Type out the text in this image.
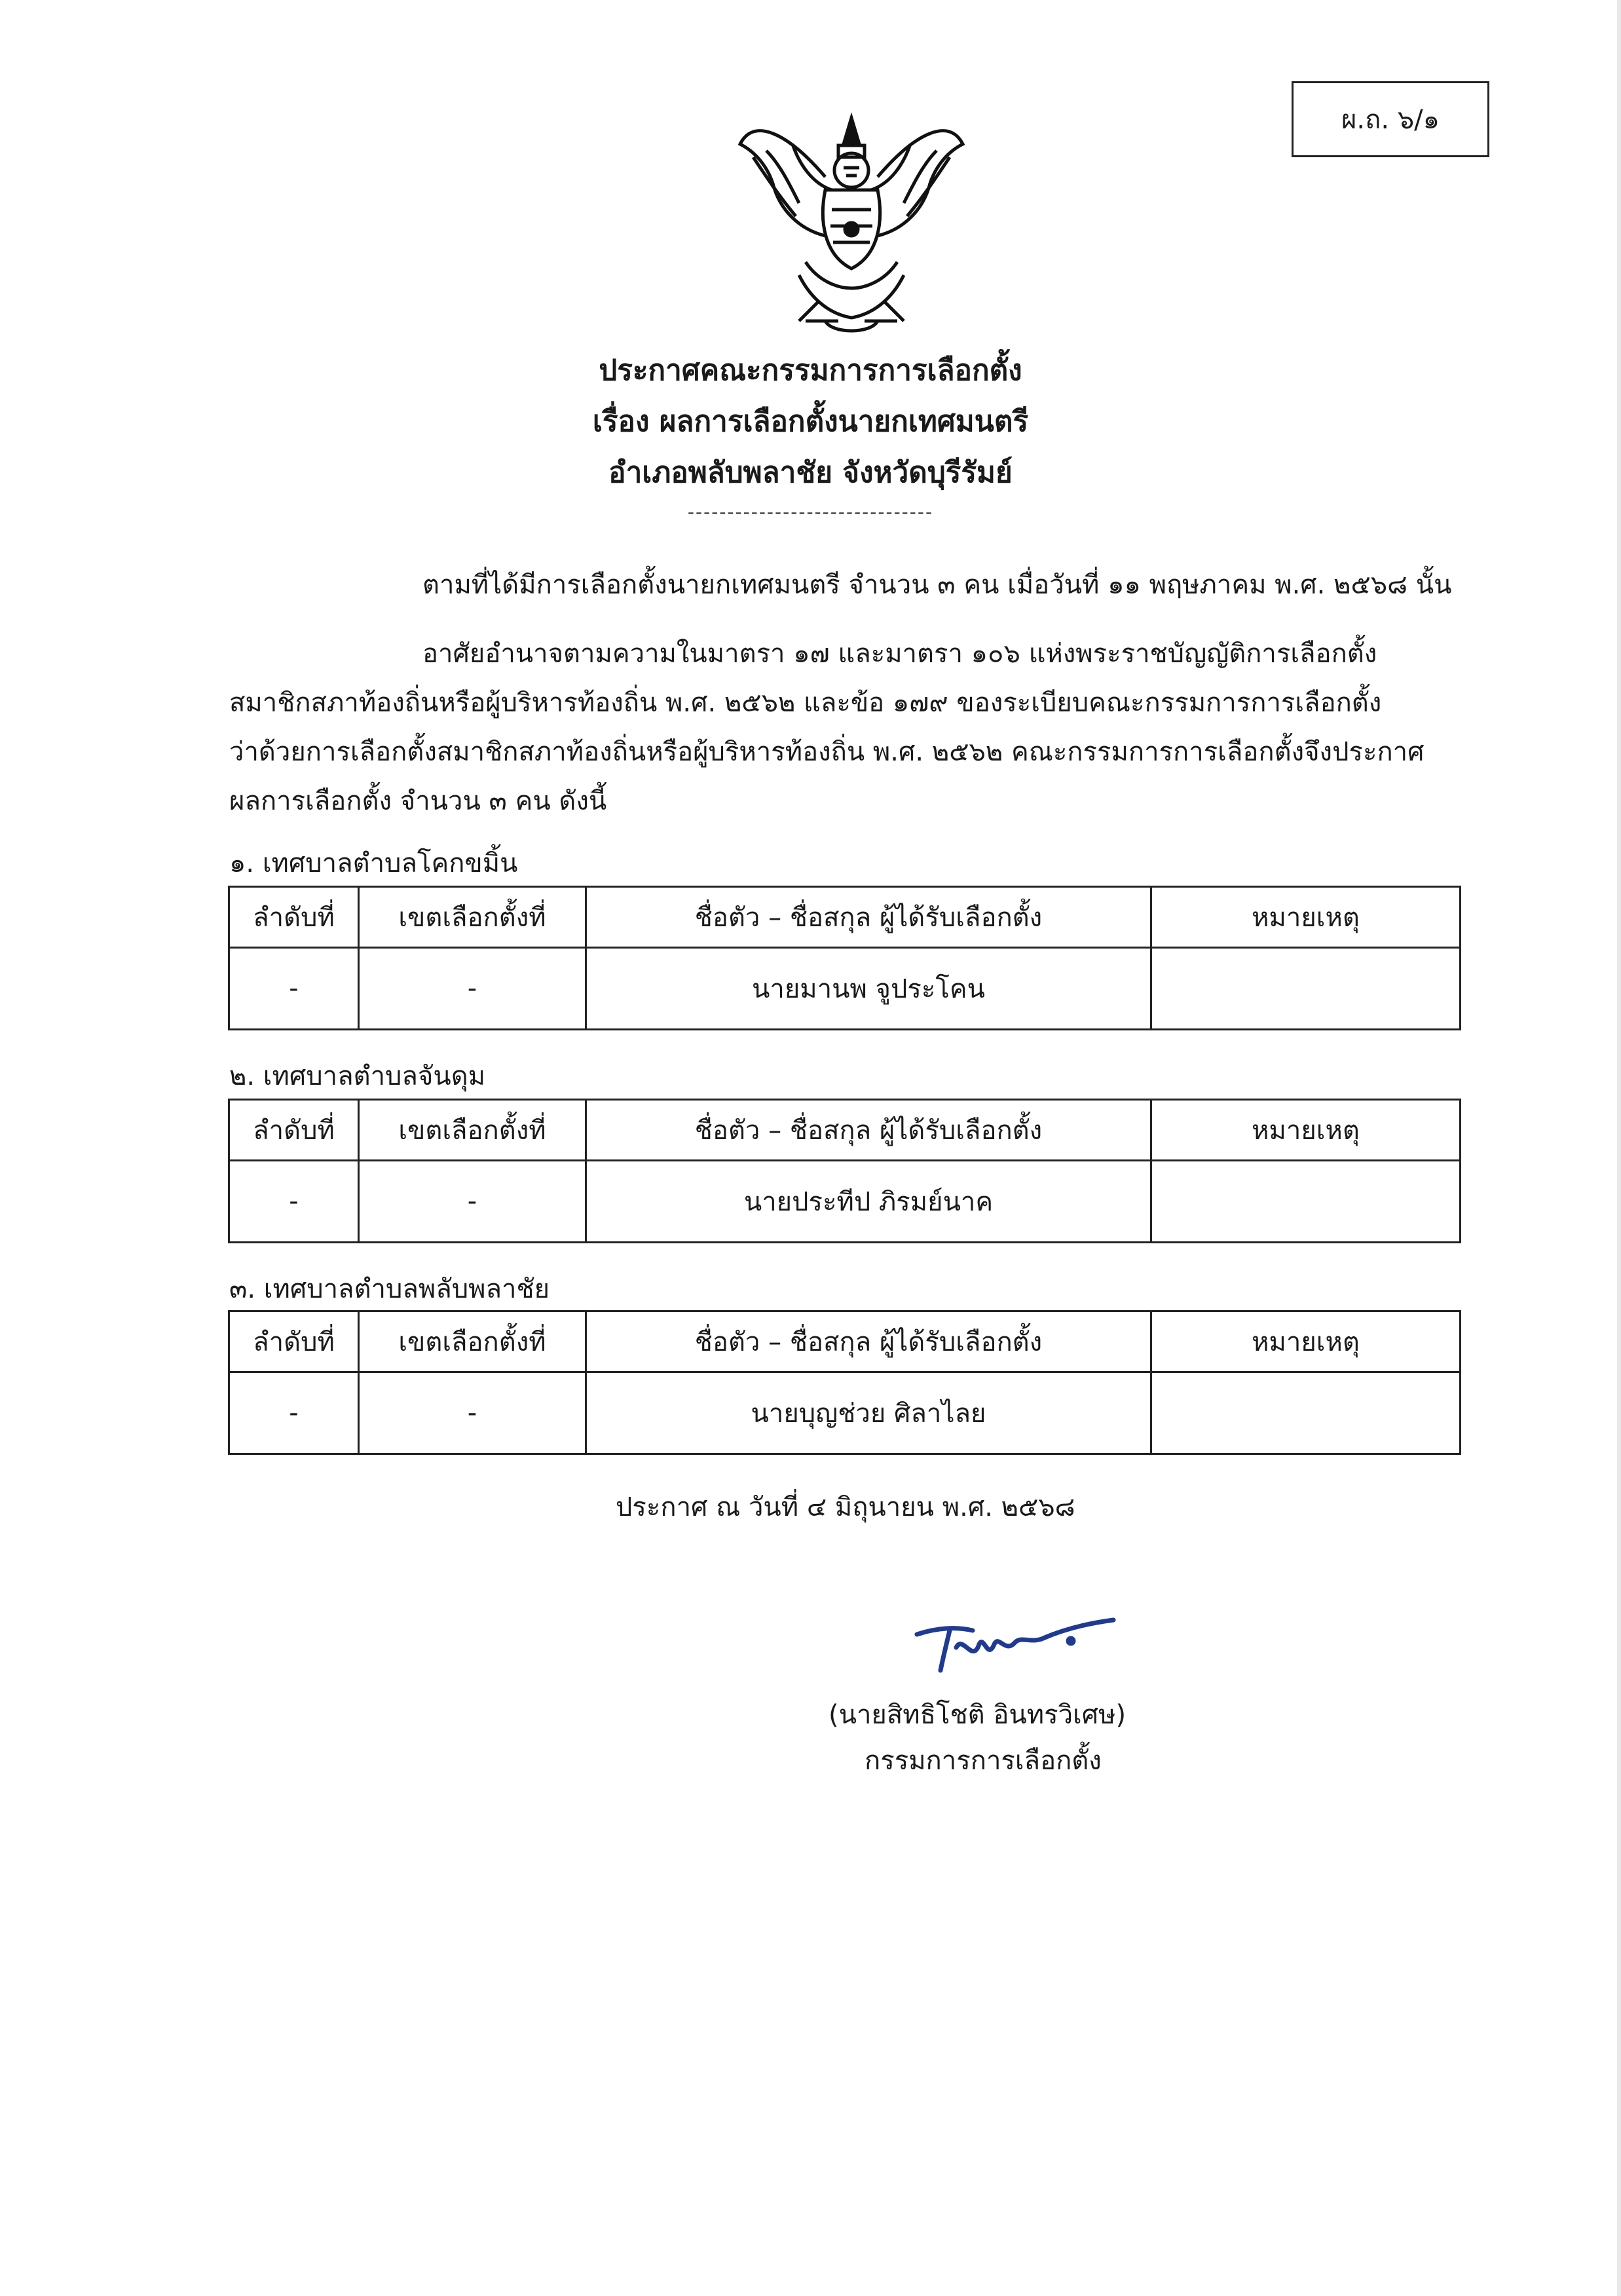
ผ.ถ. ๖/๑
ประกาศคณะกรรมการการเลือกตั้ง
เรื่อง ผลการเลือกตั้งนายกเทศมนตรี
อำเภอพลับพลาชัย จังหวัดบุรีรัมย์
-------------------------------
ตามที่ได้มีการเลือกตั้งนายกเทศมนตรี จำนวน ๓ คน เมื่อวันที่ ๑๑ พฤษภาคม พ.ศ. ๒๕๖๘ นั้น
อาศัยอำนาจตามความในมาตรา ๑๗ และมาตรา ๑๐๖ แห่งพระราชบัญญัติการเลือกตั้ง
สมาชิกสภาท้องถิ่นหรือผู้บริหารท้องถิ่น พ.ศ. ๒๕๖๒ และข้อ ๑๗๙ ของระเบียบคณะกรรมการการเลือกตั้ง
ว่าด้วยการเลือกตั้งสมาชิกสภาท้องถิ่นหรือผู้บริหารท้องถิ่น พ.ศ. ๒๕๖๒ คณะกรรมการการเลือกตั้งจึงประกาศ
ผลการเลือกตั้ง จำนวน ๓ คน ดังนี้
๑. เทศบาลตำบลโคกขมิ้น
ลำดับที่	เขตเลือกตั้งที่	ชื่อตัว – ชื่อสกุล ผู้ได้รับเลือกตั้ง	หมายเหตุ
-	-	นายมานพ จูประโคน	
๒. เทศบาลตำบลจันดุม
ลำดับที่	เขตเลือกตั้งที่	ชื่อตัว – ชื่อสกุล ผู้ได้รับเลือกตั้ง	หมายเหตุ
-	-	นายประทีป ภิรมย์นาค	
๓. เทศบาลตำบลพลับพลาชัย
ลำดับที่	เขตเลือกตั้งที่	ชื่อตัว – ชื่อสกุล ผู้ได้รับเลือกตั้ง	หมายเหตุ
-	-	นายบุญช่วย ศิลาไลย	
ประกาศ ณ วันที่ ๔ มิถุนายน พ.ศ. ๒๕๖๘
(นายสิทธิโชติ อินทรวิเศษ)
กรรมการการเลือกตั้ง
